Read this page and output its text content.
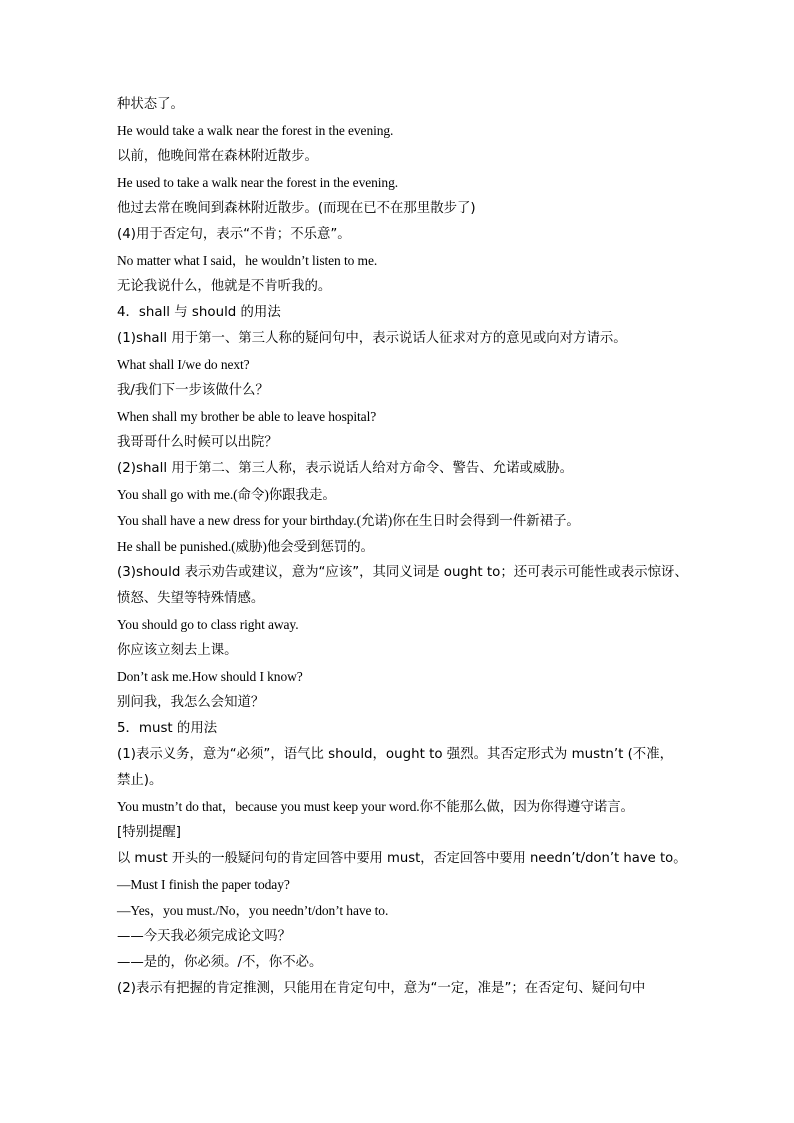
种状态了。
He would take a walk near the forest in the evening.
以前，他晚间常在森林附近散步。
He used to take a walk near the forest in the evening.
他过去常在晚间到森林附近散步。(而现在已不在那里散步了)
(4)用于否定句，表示“不肯；不乐意”。
No matter what I said，he wouldn’t listen to me.
无论我说什么，他就是不肯听我的。
4．shall 与 should 的用法
(1)shall 用于第一、第三人称的疑问句中，表示说话人征求对方的意见或向对方请示。
What shall I/we do next?
我/我们下一步该做什么？
When shall my brother be able to leave hospital?
我哥哥什么时候可以出院？
(2)shall 用于第二、第三人称，表示说话人给对方命令、警告、允诺或威胁。
You shall go with me.(命令)你跟我走。
You shall have a new dress for your birthday.(允诺)你在生日时会得到一件新裙子。
He shall be punished.(威胁)他会受到惩罚的。
(3)should 表示劝告或建议，意为“应该”，其同义词是 ought to；还可表示可能性或表示惊讶、
愤怒、失望等特殊情感。
You should go to class right away.
你应该立刻去上课。
Don’t ask me.How should I know?
别问我，我怎么会知道？
5．must 的用法
(1)表示义务，意为“必须”，语气比 should，ought to 强烈。其否定形式为 mustn’t (不准，
禁止)。
You mustn’t do that，because you must keep your word.你不能那么做，因为你得遵守诺言。
[特别提醒]
以 must 开头的一般疑问句的肯定回答中要用 must，否定回答中要用 needn’t/don’t have to。
—Must I finish the paper today?
—Yes，you must./No，you needn’t/don’t have to.
——今天我必须完成论文吗？
——是的，你必须。/不，你不必。
(2)表示有把握的肯定推测，只能用在肯定句中，意为“一定，准是”；在否定句、疑问句中
